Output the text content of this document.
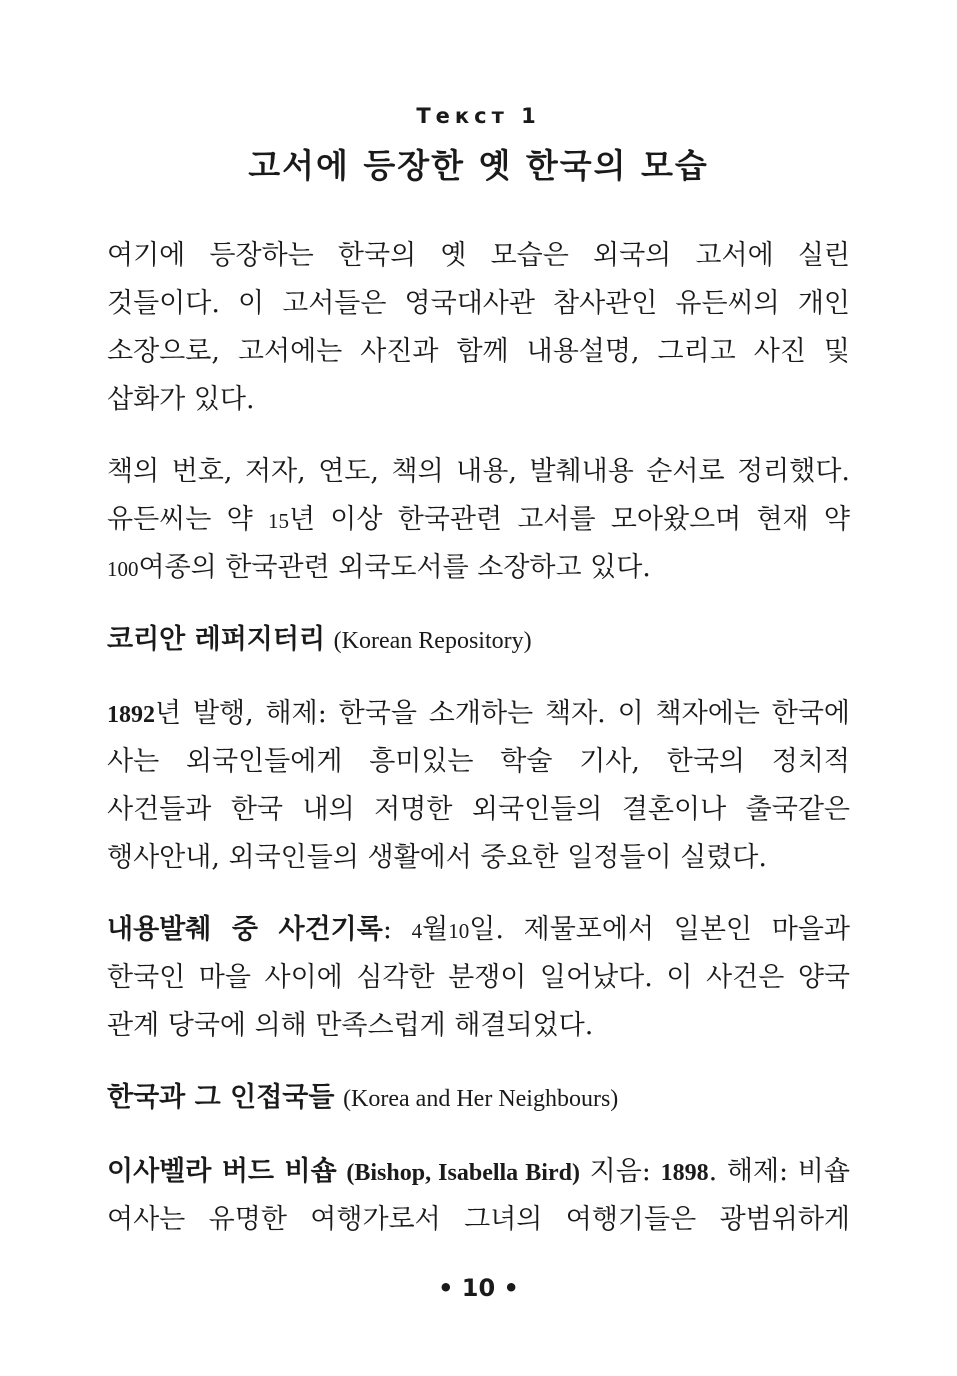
Текст 1
고서에 등장한 옛 한국의 모습
여기에 등장하는 한국의 옛 모습은 외국의 고서에 실린
것들이다. 이 고서들은 영국대사관 참사관인 유든씨의 개인
소장으로, 고서에는 사진과 함께 내용설명, 그리고 사진 및
삽화가 있다.
책의 번호, 저자, 연도, 책의 내용, 발췌내용 순서로 정리했다.
유든씨는 약 15년 이상 한국관련 고서를 모아왔으며 현재 약
100여종의 한국관련 외국도서를 소장하고 있다.
코리안 레퍼지터리 (Korean Repository)
1892년 발행, 해제: 한국을 소개하는 책자. 이 책자에는 한국에
사는 외국인들에게 흥미있는 학술 기사, 한국의 정치적
사건들과 한국 내의 저명한 외국인들의 결혼이나 출국같은
행사안내, 외국인들의 생활에서 중요한 일정들이 실렸다.
내용발췌 중 사건기록: 4월10일. 제물포에서 일본인 마을과
한국인 마을 사이에 심각한 분쟁이 일어났다. 이 사건은 양국
관계 당국에 의해 만족스럽게 해결되었다.
한국과 그 인접국들 (Korea and Her Neighbours)
이사벨라 버드 비숍 (Bishop, Isabella Bird) 지음: 1898. 해제: 비숍
여사는 유명한 여행가로서 그녀의 여행기들은 광범위하게
• 10 •
